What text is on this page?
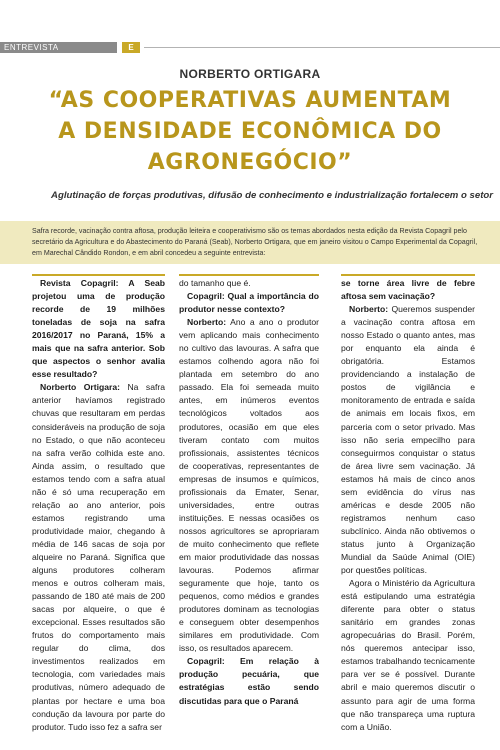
ENTREVISTA	E
NORBERTO ORTIGARA
“AS COOPERATIVAS AUMENTAM A DENSIDADE ECONÔMICA DO AGRONEGÓCIO”
Aglutinação de forças produtivas, difusão de conhecimento e industrialização fortalecem o setor
Safra recorde, vacinação contra aftosa, produção leiteira e cooperativismo são os temas abordados nesta edição da Revista Copagril pelo secretário da Agricultura e do Abastecimento do Paraná (Seab), Norberto Ortigara, que em janeiro visitou o Campo Experimental da Copagril, em Marechal Cândido Rondon, e em abril concedeu a seguinte entrevista:

Revista Copagril: A Seab projetou uma de produção recorde de 19 milhões toneladas de soja na safra 2016/2017 no Paraná, 15% a mais que na safra anterior. Sob que aspectos o senhor avalia esse resultado?

Norberto Ortigara: Na safra anterior havíamos registrado chuvas que resultaram em perdas consideráveis na produção de soja no Estado, o que não aconteceu na safra verão colhida este ano. Ainda assim, o resultado que estamos tendo com a safra atual não é só uma recuperação em relação ao ano anterior, pois estamos registrando uma produtividade maior, chegando à média de 146 sacas de soja por alqueire no Paraná. Significa que alguns produtores colheram menos e outros colheram mais, passando de 180 até mais de 200 sacas por alqueire, o que é excepcional. Esses resultados são frutos do comportamento mais regular do clima, dos investimentos realizados em tecnologia, com variedades mais produtivas, número adequado de plantas por hectare e uma boa condução da lavoura por parte do produtor. Tudo isso fez a safra ser

do tamanho que é.

Copagril: Qual a importância do produtor nesse contexto?

Norberto: Ano a ano o produtor vem aplicando mais conhecimento no cultivo das lavouras. A safra que estamos colhendo agora não foi plantada em setembro do ano passado. Ela foi semeada muito antes, em inúmeros eventos tecnológicos voltados aos produtores, ocasião em que eles tiveram contato com muitos profissionais, assistentes técnicos de cooperativas, representantes de empresas de insumos e químicos, profissionais da Emater, Senar, universidades, entre outras instituições. E nessas ocasiões os nossos agricultores se apropriaram de muito conhecimento que reflete em maior produtividade das nossas lavouras. Podemos afirmar seguramente que hoje, tanto os pequenos, como médios e grandes produtores dominam as tecnologias e conseguem obter desempenhos similares em produtividade. Com isso, os resultados aparecem.

Copagril: Em relação à produção pecuária, que estratégias estão sendo discutidas para que o Paraná

se torne área livre de febre aftosa sem vacinação?

Norberto: Queremos suspender a vacinação contra aftosa em nosso Estado o quanto antes, mas por enquanto ela ainda é obrigatória. Estamos providenciando a instalação de postos de vigilância e monitoramento de entrada e saída de animais em locais fixos, em parceria com o setor privado. Mas isso não seria empecilho para conseguirmos conquistar o status de área livre sem vacinação. Já estamos há mais de cinco anos sem evidência do vírus nas américas e desde 2005 não registramos nenhum caso subclínico. Ainda não obtivemos o status junto à Organização Mundial da Saúde Animal (OIE) por questões políticas.

Agora o Ministério da Agricultura está estipulando uma estratégia diferente para obter o status sanitário em grandes zonas agropecuárias do Brasil. Porém, nós queremos antecipar isso, estamos trabalhando tecnicamente para ver se é possível. Durante abril e maio queremos discutir o assunto para agir de uma forma que não transpareça uma ruptura com a União.
